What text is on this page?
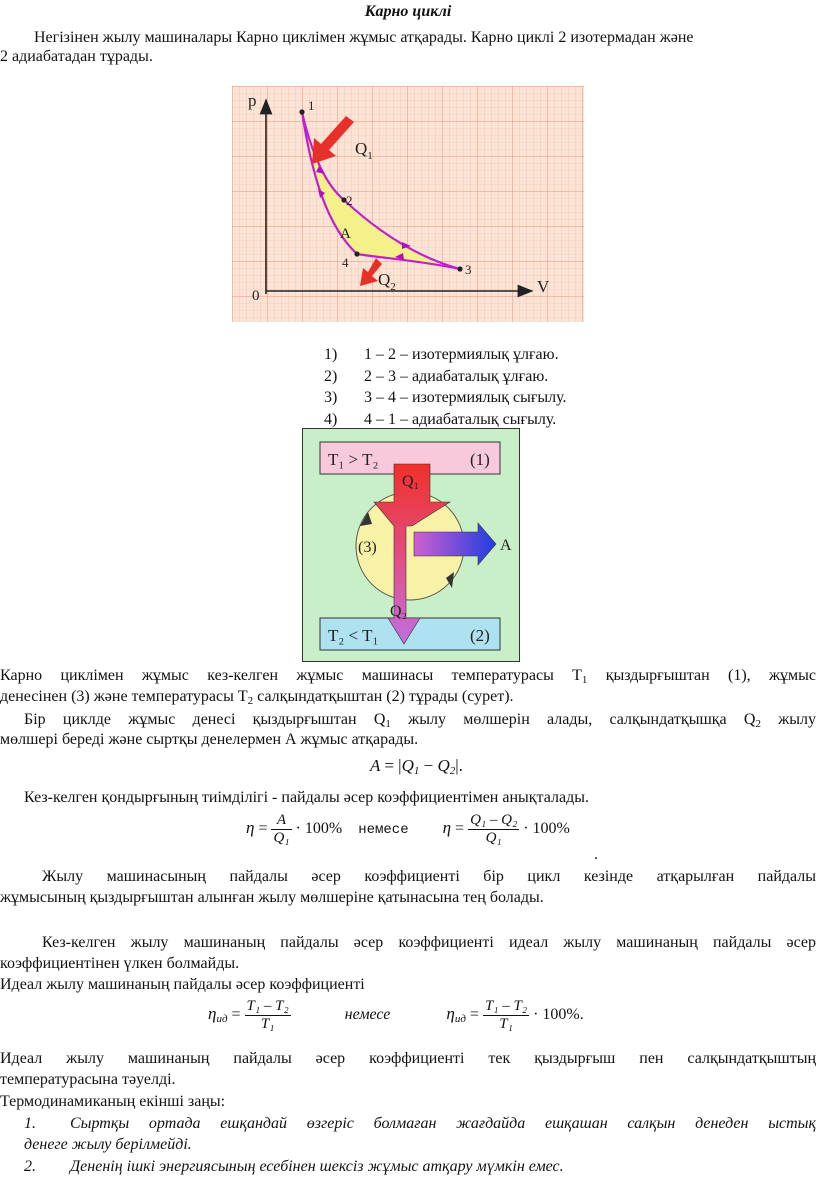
Карно циклі
Негізінен жылу машиналары Карно циклімен жұмыс атқарады. Карно циклі 2 изотермадан және
2 адиабатадан тұрады.
p
V
0
1
2
3
4
A
$Q_1$
$Q_2$
1) 1 – 2 – изотермиялық ұлғаю.
2) 2 – 3 – адиабаталық ұлғаю.
3) 3 – 4 – изотермиялық сығылу.
4) 4 – 1 – адиабаталық сығылу.
T₁ > T₂	(1)
T₂ < T₁	(2)
(3)
Q₁
Q₂
A
Карно циклімен жұмыс кез-келген жұмыс машинасы температурасы $Т_1$ қыздырғыштан (1), жұмыс
денесінен (3) және температурасы $Т_2$ салқындатқыштан (2) тұрады (сурет).
Бір циклде жұмыс денесі қыздырғыштан $Q_1$ жылу мөлшерін алады, салқындатқышқа $Q_2$ жылу
мөлшері береді және сыртқы денелермен А жұмыс атқарады.
$A = |Q_1 - Q_2|$.
Кез-келген қондырғының тиімділігі - пайдалы әсер коэффициентімен анықталады.
$\eta = \frac{A}{\text{Q₁}} \cdot 100\%$ немесе $\eta = \frac{\text{Q₁ – Q₂}}{\text{Q₁}} \cdot 100\%$
.
Жылу машинасының пайдалы әсер коэффициенті бір цикл кезінде атқарылған пайдалы
жұмысының қыздырғыштан алынған жылу мөлшеріне қатынасына тең болады.
Кез-келген жылу машинаның пайдалы әсер коэффициенті идеал жылу машинаның пайдалы әсер
коэффициентінен үлкен болмайды.
Идеал жылу машинаның пайдалы әсер коэффициенті
$\eta_{ид} = \frac{\text{T₁ – T₂}}{\text{T₁}}$	немесе	$\eta_{ид} = \frac{\text{T₁ – T₂}}{\text{T₁}} \cdot 100\%$.
Идеал жылу машинаның пайдалы әсер коэффициенті тек қыздырғыш пен салқындатқыштың
температурасына тәуелді.
Термодинамиканың екінші заңы:
1. Сыртқы ортада ешқандай өзгеріс болмаған жағдайда ешқашан салқын денеден ыстық
денеге жылу берілмейді.
2. Дененің ішкі энергиясының есебінен шексіз жұмыс атқару мүмкін емес.
